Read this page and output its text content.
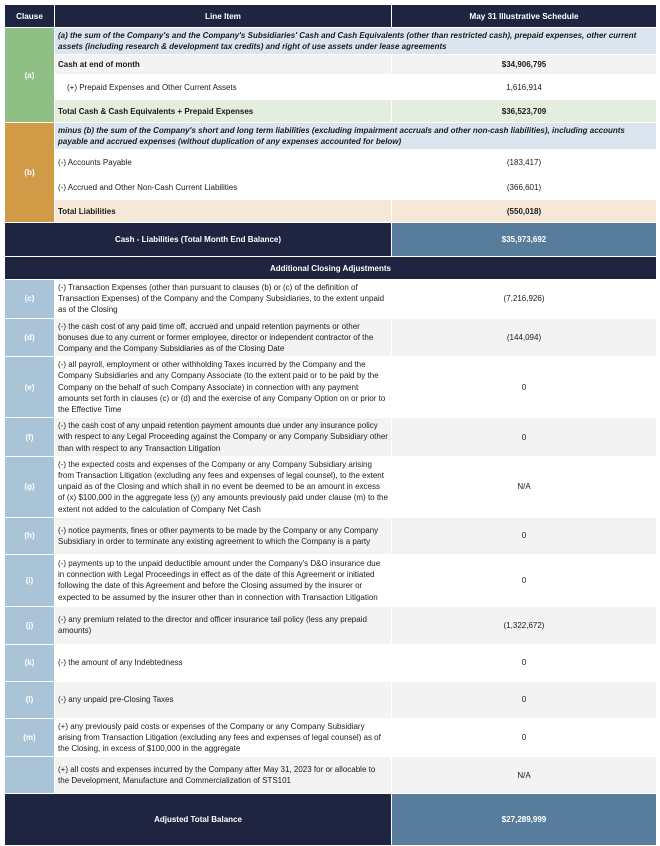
Clause	Line Item	May 31 Illustrative Schedule
(a)	(a) the sum of the Company's and the Company's Subsidiaries' Cash and Cash Equivalents (other than restricted cash), prepaid expenses, other current assets (including research & development tax credits) and right of use assets under lease agreements	
	Cash at end of month	$34,906,795
	(+) Prepaid Expenses and Other Current Assets	1,616,914
	Total Cash & Cash Equivalents + Prepaid Expenses	$36,523,709
(b)	minus (b) the sum of the Company's short and long term liabilities (excluding impairment accruals and other non-cash liabilities), including accounts payable and accrued expenses (without duplication of any expenses accounted for below)	
	(-) Accounts Payable	(183,417)
	(-) Accrued and Other Non-Cash Current Liabilities	(366,601)
	Total Liabilities	(550,018)
Cash - Liabilities (Total Month End Balance)		$35,973,692
Additional Closing Adjustments		
(c)	(-) Transaction Expenses (other than pursuant to clauses (b) or (c) of the definition of Transaction Expenses) of the Company and the Company Subsidiaries, to the extent unpaid as of the Closing	(7,216,926)
(d)	(-) the cash cost of any paid time off, accrued and unpaid retention payments or other bonuses due to any current or former employee, director or independent contractor of the Company and the Company Subsidiaries as of the Closing Date	(144,094)
(e)	(-) all payroll, employment or other withholding Taxes incurred by the Company and the Company Subsidiaries and any Company Associate (to the extent paid or to be paid by the Company on the behalf of such Company Associate) in connection with any payment amounts set forth in clauses (c) or (d) and the exercise of any Company Option on or prior to the Effective Time	0
(f)	(-) the cash cost of any unpaid retention payment amounts due under any insurance policy with respect to any Legal Proceeding against the Company or any Company Subsidiary other than with respect to any Transaction Litigation	0
(g)	(-) the expected costs and expenses of the Company or any Company Subsidiary arising from Transaction Litigation (excluding any fees and expenses of legal counsel), to the extent unpaid as of the Closing and which shall in no event be deemed to be an amount in excess of (x) $100,000 in the aggregate less (y) any amounts previously paid under clause (m) to the extent not added to the calculation of Company Net Cash	N/A
(h)	(-) notice payments, fines or other payments to be made by the Company or any Company Subsidiary in order to terminate any existing agreement to which the Company is a party	0
(i)	(-) payments up to the unpaid deductible amount under the Company's D&O insurance due in connection with Legal Proceedings in effect as of the date of this Agreement or initiated following the date of this Agreement and before the Closing assumed by the insurer or expected to be assumed by the insurer other than in connection with Transaction Litigation	0
(j)	(-) any premium related to the director and officer insurance tail policy (less any prepaid amounts)	(1,322,672)
(k)	(-) the amount of any Indebtedness	0
(l)	(-) any unpaid pre-Closing Taxes	0
(m)	(+) any previously paid costs or expenses of the Company or any Company Subsidiary arising from Transaction Litigation (excluding any fees and expenses of legal counsel) as of the Closing, in excess of $100,000 in the aggregate	0
	(+) all costs and expenses incurred by the Company after May 31, 2023 for or allocable to the Development, Manufacture and Commercialization of STS101	N/A
Adjusted Total Balance		$27,289,999
